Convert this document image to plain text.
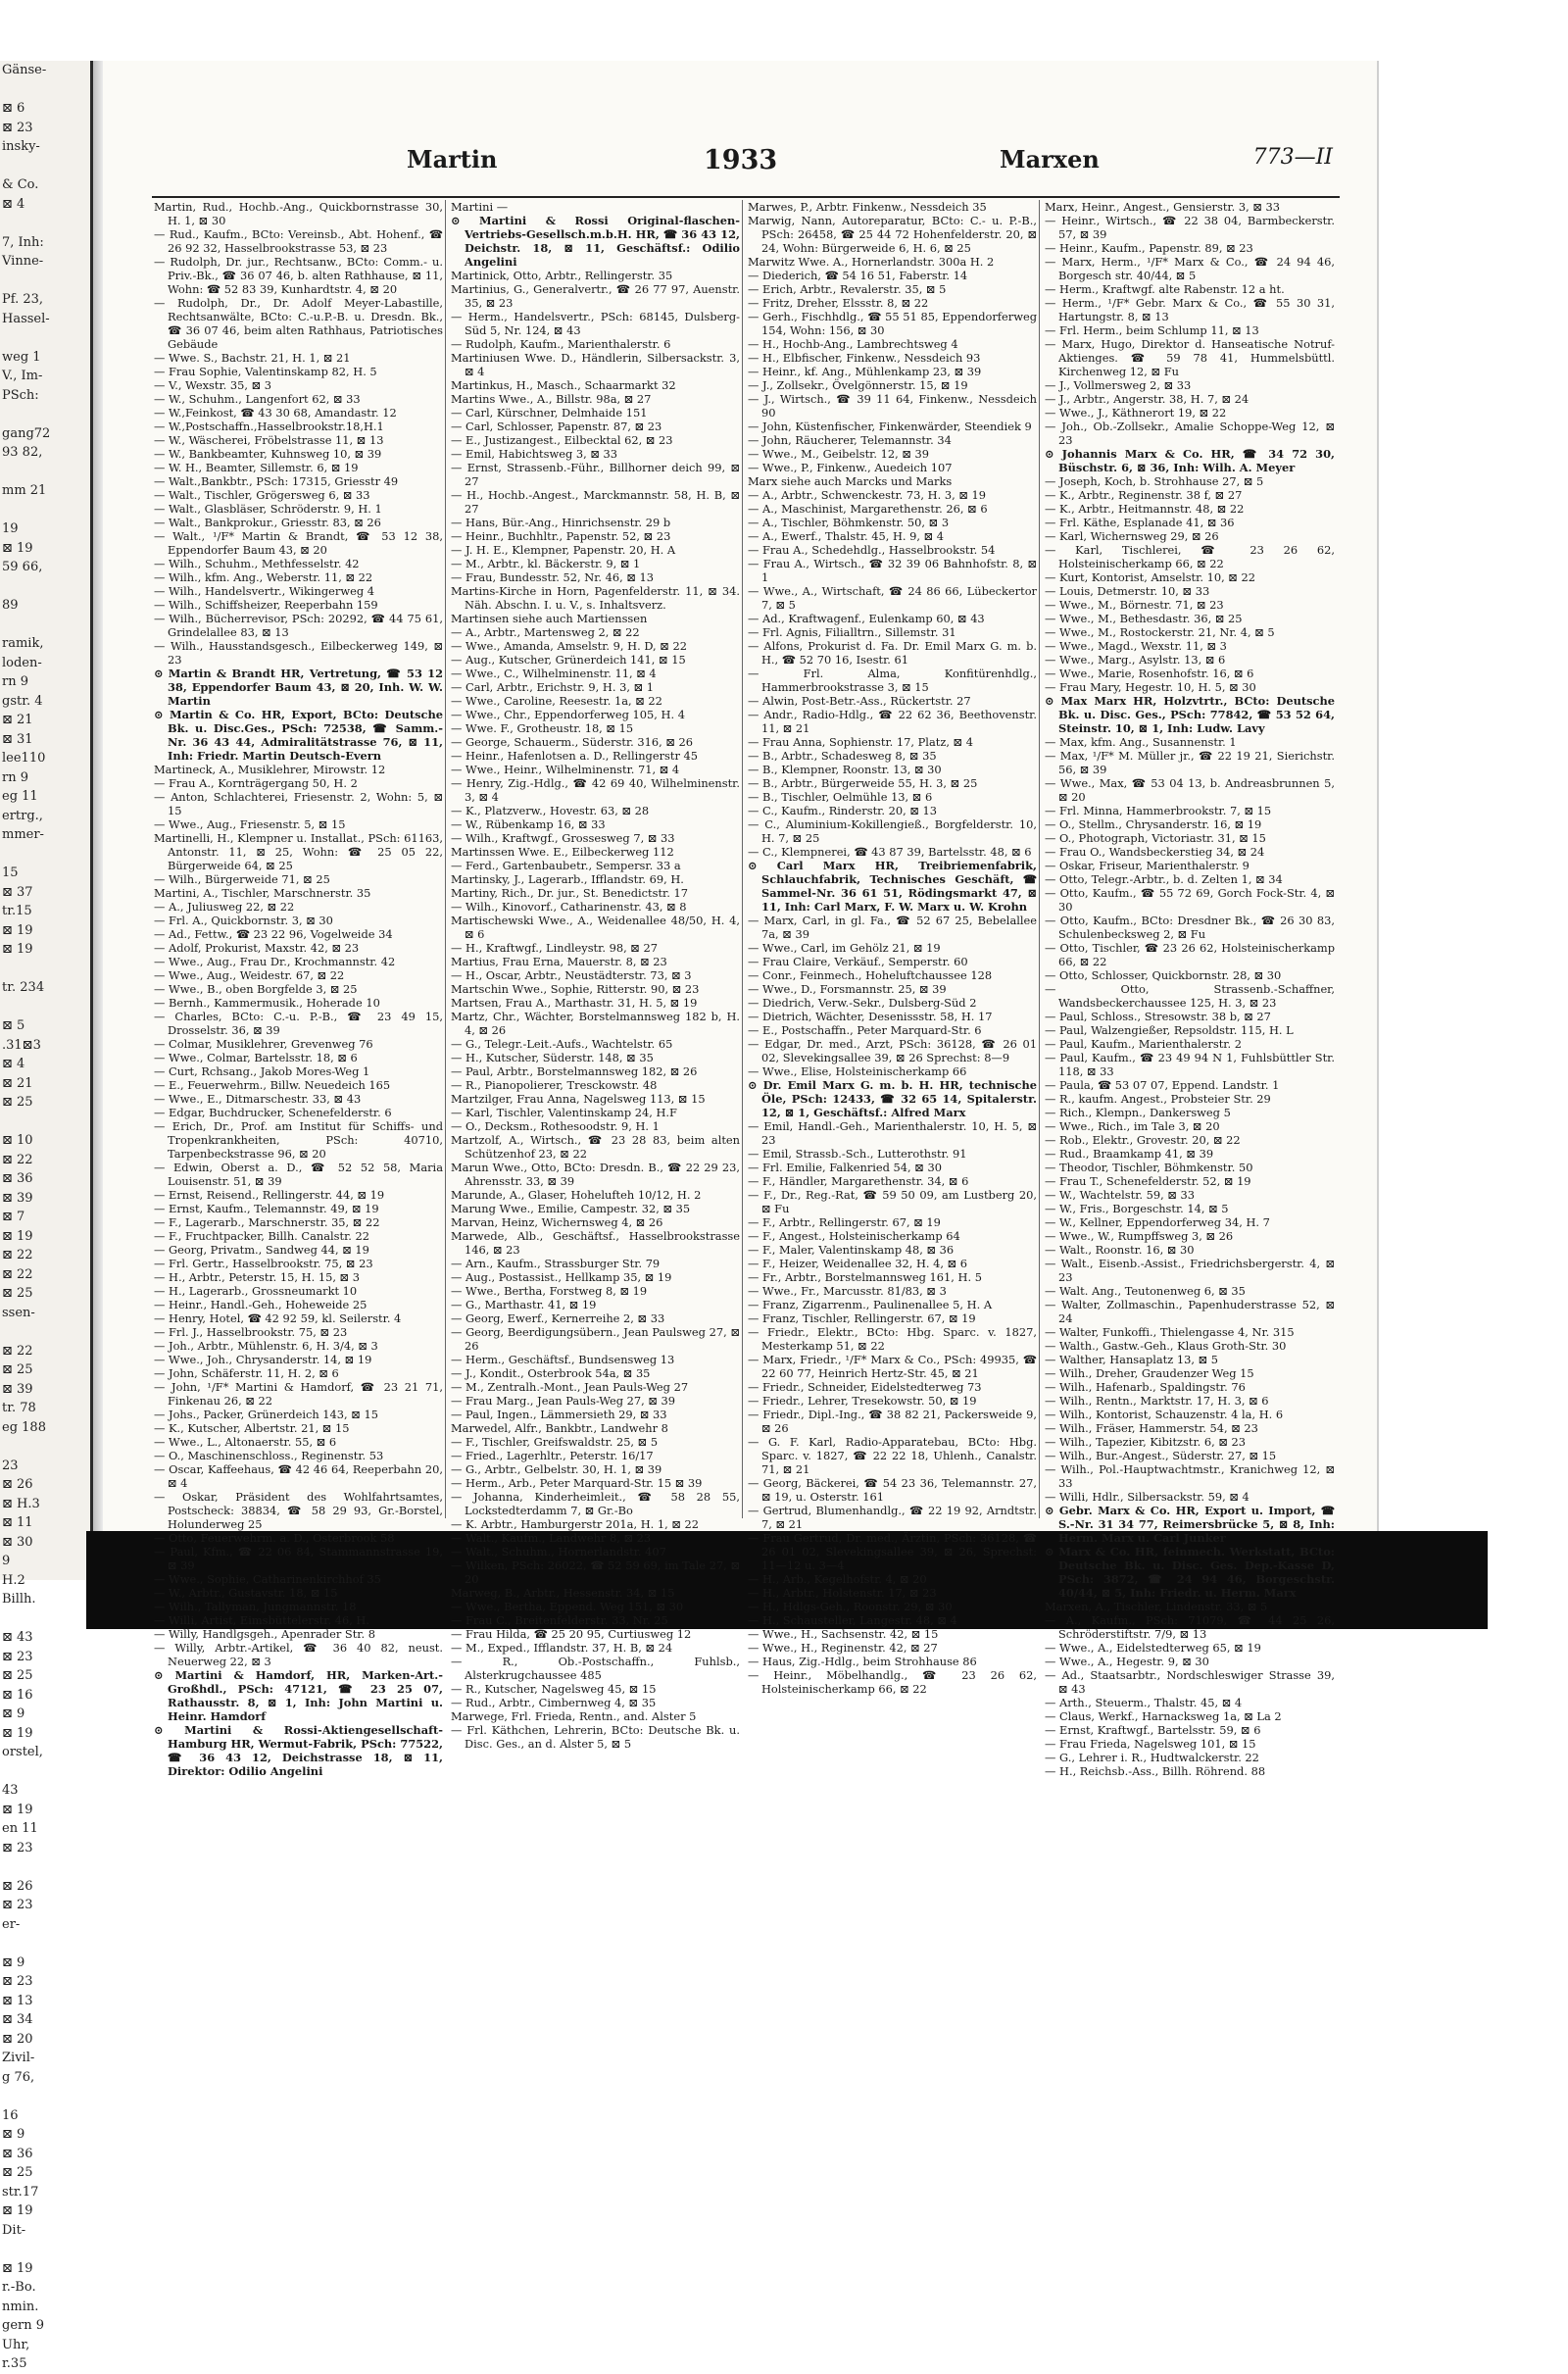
Gänse-

⊠ 6
⊠ 23
insky-

& Co.
⊠ 4

7, Inh:
Vinne-

Pf. 23,
Hassel-

weg 1
V., Im-
PSch:

gang72
93 82,

mm 21

19
⊠ 19
59 66,

89

ramik,
loden-
rn 9
gstr. 4
⊠ 21
⊠ 31
lee110
rn 9
eg 11
ertrg.,
mmer-

15
⊠ 37
tr.15
⊠ 19
⊠ 19

tr. 234

⊠ 5
.31⊠3
⊠ 4
⊠ 21
⊠ 25

⊠ 10
⊠ 22
⊠ 36
⊠ 39
⊠ 7
⊠ 19
⊠ 22
⊠ 22
⊠ 25
ssen-

⊠ 22
⊠ 25
⊠ 39
tr. 78
eg 188

23
⊠ 26
⊠ H.3
⊠ 11
⊠ 30
9
H.2
Billh.

⊠ 43
⊠ 23
⊠ 25
⊠ 16
⊠ 9
⊠ 19
orstel,

43
⊠ 19
en 11
⊠ 23

⊠ 26
⊠ 23
er-

⊠ 9
⊠ 23
⊠ 13
⊠ 34
⊠ 20
Zivil-
g 76,

16
⊠ 9
⊠ 36
⊠ 25
str.17
⊠ 19
Dit-

⊠ 19
r.-Bo.
nmin.
gern 9
Uhr,
r.35
Martin	1933	Marxen	773—II
Martin, Rud., Hochb.-Ang., Quickbornstrasse 30, H. 1, ⊠ 30
— Rud., Kaufm., BCto: Vereinsb., Abt. Hohenf., ☎ 26 92 32, Hasselbrookstrasse 53, ⊠ 23
— Rudolph, Dr. jur., Rechtsanw., BCto: Comm.- u. Priv.-Bk., ☎ 36 07 46, b. alten Rathhause, ⊠ 11, Wohn: ☎ 52 83 39, Kunhardtstr. 4, ⊠ 20
— Rudolph, Dr., Dr. Adolf Meyer-Labastille, Rechtsanwälte, BCto: C.-u.P.-B. u. Dresdn. Bk., ☎ 36 07 46, beim alten Rathhaus, Patriotisches Gebäude
— Wwe. S., Bachstr. 21, H. 1, ⊠ 21
— Frau Sophie, Valentinskamp 82, H. 5
— V., Wexstr. 35, ⊠ 3
— W., Schuhm., Langenfort 62, ⊠ 33
— W.,Feinkost, ☎ 43 30 68, Amandastr. 12
— W.,Postschaffn.,Hasselbrookstr.18,H.1
— W., Wäscherei, Fröbelstrasse 11, ⊠ 13
— W., Bankbeamter, Kuhnsweg 10, ⊠ 39
— W. H., Beamter, Sillemstr. 6, ⊠ 19
— Walt.,Bankbtr., PSch: 17315, Griesstr 49
— Walt., Tischler, Grögersweg 6, ⊠ 33
— Walt., Glasbläser, Schröderstr. 9, H. 1
— Walt., Bankprokur., Griesstr. 83, ⊠ 26
— Walt., ¹/F* Martin & Brandt, ☎ 53 12 38, Eppendorfer Baum 43, ⊠ 20
— Wilh., Schuhm., Methfesselstr. 42
— Wilh., kfm. Ang., Weberstr. 11, ⊠ 22
— Wilh., Handelsvertr., Wikingerweg 4
— Wilh., Schiffsheizer, Reeperbahn 159
— Wilh., Bücherrevisor, PSch: 20292, ☎ 44 75 61, Grindelallee 83, ⊠ 13
— Wilh., Hausstandsgesch., Eilbeckerweg 149, ⊠ 23
⊙ Martin & Brandt HR, Vertretung, ☎ 53 12 38, Eppendorfer Baum 43, ⊠ 20, Inh. W. W. Martin
⊙ Martin & Co. HR, Export, BCto: Deutsche Bk. u. Disc.Ges., PSch: 72538, ☎ Samm.-Nr. 36 43 44, Admiralitätstrasse 76, ⊠ 11, Inh: Friedr. Martin Deutsch-Evern
Martineck, A., Musiklehrer, Mirowstr. 12
— Frau A., Kornträgergang 50, H. 2
— Anton, Schlachterei, Friesenstr. 2, Wohn: 5, ⊠ 15
— Wwe., Aug., Friesenstr. 5, ⊠ 15
Martinelli, H., Klempner u. Installat., PSch: 61163, Antonstr. 11, ⊠ 25, Wohn: ☎ 25 05 22, Bürgerweide 64, ⊠ 25
— Wilh., Bürgerweide 71, ⊠ 25
Martini, A., Tischler, Marschnerstr. 35
— A., Juliusweg 22, ⊠ 22
— Frl. A., Quickbornstr. 3, ⊠ 30
— Ad., Fettw., ☎ 23 22 96, Vogelweide 34
— Adolf, Prokurist, Maxstr. 42, ⊠ 23
— Wwe., Aug., Frau Dr., Krochmannstr. 42
— Wwe., Aug., Weidestr. 67, ⊠ 22
— Wwe., B., oben Borgfelde 3, ⊠ 25
— Bernh., Kammermusik., Hoherade 10
— Charles, BCto: C.-u. P.-B., ☎ 23 49 15, Drosselstr. 36, ⊠ 39
— Colmar, Musiklehrer, Grevenweg 76
— Wwe., Colmar, Bartelsstr. 18, ⊠ 6
— Curt, Rchsang., Jakob Mores-Weg 1
— E., Feuerwehrm., Billw. Neuedeich 165
— Wwe., E., Ditmarschestr. 33, ⊠ 43
— Edgar, Buchdrucker, Schenefelderstr. 6
— Erich, Dr., Prof. am Institut für Schiffs- und Tropenkrankheiten, PSch: 40710, Tarpenbeckstrasse 96, ⊠ 20
— Edwin, Oberst a. D., ☎ 52 52 58, Maria Louisenstr. 51, ⊠ 39
— Ernst, Reisend., Rellingerstr. 44, ⊠ 19
— Ernst, Kaufm., Telemannstr. 49, ⊠ 19
— F., Lagerarb., Marschnerstr. 35, ⊠ 22
— F., Fruchtpacker, Billh. Canalstr. 22
— Georg, Privatm., Sandweg 44, ⊠ 19
— Frl. Gertr., Hasselbrookstr. 75, ⊠ 23
— H., Arbtr., Peterstr. 15, H. 15, ⊠ 3
— H., Lagerarb., Grossneumarkt 10
— Heinr., Handl.-Geh., Hoheweide 25
— Henry, Hotel, ☎ 42 92 59, kl. Seilerstr. 4
— Frl. J., Hasselbrookstr. 75, ⊠ 23
— Joh., Arbtr., Mühlenstr. 6, H. 3/4, ⊠ 3
— Wwe., Joh., Chrysanderstr. 14, ⊠ 19
— John, Schäferstr. 11, H. 2, ⊠ 6
— John, ¹/F* Martini & Hamdorf, ☎ 23 21 71, Finkenau 26, ⊠ 22
— Johs., Packer, Grünerdeich 143, ⊠ 15
— K., Kutscher, Albertstr. 21, ⊠ 15
— Wwe., L., Altonaerstr. 55, ⊠ 6
— O., Maschinenschloss., Reginenstr. 53
— Oscar, Kaffeehaus, ☎ 42 46 64, Reeperbahn 20, ⊠ 4
— Oskar, Präsident des Wohlfahrtsamtes, Postscheck: 38834, ☎ 58 29 93, Gr.-Borstel, Holunderweg 25
— Otto, Feuerwehrm. a. D., Osterbrook 58
— Paul, Kfm., ☎ 22 06 84, Stammannstrasse 19, ⊠ 39
— Wwe., Sophie, Catharinenkirchhof 35
— W., Arbtr., Gustavstr. 18, ⊠ 15
— Wilh., Tallyman, Jungmannstr. 18
— Willi, Artist, Eimsbüttelerstr. 46, H.
— Willy, Handlgsgeh., Apenrader Str. 8
— Willy, Arbtr.-Artikel, ☎ 36 40 82, neust. Neuerweg 22, ⊠ 3
⊙ Martini & Hamdorf, HR, Marken-Art.-Großhdl., PSch: 47121, ☎ 23 25 07, Rathausstr. 8, ⊠ 1, Inh: John Martini u. Heinr. Hamdorf
⊙ Martini & Rossi-Aktiengesellschaft-Hamburg HR, Wermut-Fabrik, PSch: 77522, ☎ 36 43 12, Deichstrasse 18, ⊠ 11, Direktor: Odilio Angelini
Martini —
⊙ Martini & Rossi Original-flaschen-Vertriebs-Gesellsch.m.b.H. HR, ☎ 36 43 12, Deichstr. 18, ⊠ 11, Geschäftsf.: Odilio Angelini
Martinick, Otto, Arbtr., Rellingerstr. 35
Martinius, G., Generalvertr., ☎ 26 77 97, Auenstr. 35, ⊠ 23
— Herm., Handelsvertr., PSch: 68145, Dulsberg-Süd 5, Nr. 124, ⊠ 43
— Rudolph, Kaufm., Marienthalerstr. 6
Martiniusen Wwe. D., Händlerin, Silbersackstr. 3, ⊠ 4
Martinkus, H., Masch., Schaarmarkt 32
Martins Wwe., A., Billstr. 98a, ⊠ 27
— Carl, Kürschner, Delmhaide 151
— Carl, Schlosser, Papenstr. 87, ⊠ 23
— E., Justizangest., Eilbecktal 62, ⊠ 23
— Emil, Habichtsweg 3, ⊠ 33
— Ernst, Strassenb.-Führ., Billhorner deich 99, ⊠ 27
— H., Hochb.-Angest., Marckmannstr. 58, H. B, ⊠ 27
— Hans, Bür.-Ang., Hinrichsenstr. 29 b
— Heinr., Buchhltr., Papenstr. 52, ⊠ 23
— J. H. E., Klempner, Papenstr. 20, H. A
— M., Arbtr., kl. Bäckerstr. 9, ⊠ 1
— Frau, Bundesstr. 52, Nr. 46, ⊠ 13
Martins-Kirche in Horn, Pagenfelderstr. 11, ⊠ 34. Näh. Abschn. I. u. V., s. Inhaltsverz.
Martinsen siehe auch Martienssen
— A., Arbtr., Martensweg 2, ⊠ 22
— Wwe., Amanda, Amselstr. 9, H. D, ⊠ 22
— Aug., Kutscher, Grünerdeich 141, ⊠ 15
— Wwe., C., Wilhelminenstr. 11, ⊠ 4
— Carl, Arbtr., Erichstr. 9, H. 3, ⊠ 1
— Wwe., Caroline, Reesestr. 1a, ⊠ 22
— Wwe., Chr., Eppendorferweg 105, H. 4
— Wwe. F., Grotheustr. 18, ⊠ 15
— George, Schauerm., Süderstr. 316, ⊠ 26
— Heinr., Hafenlotsen a. D., Rellingerstr 45
— Wwe., Heinr., Wilhelminenstr. 71, ⊠ 4
— Henry, Zig.-Hdlg., ☎ 42 69 40, Wilhelminenstr. 3, ⊠ 4
— K., Platzverw., Hovestr. 63, ⊠ 28
— W., Rübenkamp 16, ⊠ 33
— Wilh., Kraftwgf., Grossesweg 7, ⊠ 33
Martinssen Wwe. E., Eilbeckerweg 112
— Ferd., Gartenbaubetr., Sempersr. 33 a
Martinsky, J., Lagerarb., Ifflandstr. 69, H.
Martiny, Rich., Dr. jur., St. Benedictstr. 17
— Wilh., Kinovorf., Catharinenstr. 43, ⊠ 8
Martischewski Wwe., A., Weidenallee 48/50, H. 4, ⊠ 6
— H., Kraftwgf., Lindleystr. 98, ⊠ 27
Martius, Frau Erna, Mauerstr. 8, ⊠ 23
— H., Oscar, Arbtr., Neustädterstr. 73, ⊠ 3
Martschin Wwe., Sophie, Ritterstr. 90, ⊠ 23
Martsen, Frau A., Marthastr. 31, H. 5, ⊠ 19
Martz, Chr., Wächter, Borstelmannsweg 182 b, H. 4, ⊠ 26
— G., Telegr.-Leit.-Aufs., Wachtelstr. 65
— H., Kutscher, Süderstr. 148, ⊠ 35
— Paul, Arbtr., Borstelmannsweg 182, ⊠ 26
— R., Pianopolierer, Tresckowstr. 48
Martzilger, Frau Anna, Nagelsweg 113, ⊠ 15
— Karl, Tischler, Valentinskamp 24, H.F
— O., Decksm., Rothesoodstr. 9, H. 1
Martzolf, A., Wirtsch., ☎ 23 28 83, beim alten Schützenhof 23, ⊠ 22
Marun Wwe., Otto, BCto: Dresdn. B., ☎ 22 29 23, Ahrensstr. 33, ⊠ 39
Marunde, A., Glaser, Hohelufteh 10/12, H. 2
Marung Wwe., Emilie, Campestr. 32, ⊠ 35
Marvan, Heinz, Wichernsweg 4, ⊠ 26
Marwede, Alb., Geschäftsf., Hasselbrookstrasse 146, ⊠ 23
— Arn., Kaufm., Strassburger Str. 79
— Aug., Postassist., Hellkamp 35, ⊠ 19
— Wwe., Bertha, Forstweg 8, ⊠ 19
— G., Marthastr. 41, ⊠ 19
— Georg, Ewerf., Kernerreihe 2, ⊠ 33
— Georg, Beerdigungsübern., Jean Paulsweg 27, ⊠ 26
— Herm., Geschäftsf., Bundsensweg 13
— J., Kondit., Osterbrook 54a, ⊠ 35
— M., Zentralh.-Mont., Jean Pauls-Weg 27
— Frau Marg., Jean Pauls-Weg 27, ⊠ 39
— Paul, Ingen., Lämmersieth 29, ⊠ 33
Marwedel, Alfr., Bankbtr., Landwehr 8
— F., Tischler, Greifswaldstr. 25, ⊠ 5
— Fried., Lagerhltr., Peterstr. 16/17
— G., Arbtr., Gelbelstr. 30, H. 1, ⊠ 39
— Herm., Arb., Peter Marquard-Str. 15 ⊠ 39
— Johanna, Kinderheimleit., ☎ 58 28 55, Lockstedterdamm 7, ⊠ Gr.-Bo
— K. Arbtr., Hamburgerstr 201a, H. 1, ⊠ 22
— Walt., Kaufm., Landwehr 8, ⊠ 23
— Walt., Schuhm., Hornerlandstr. 407
— Wilken, PSch: 26022, ☎ 52 59 69, im Tale 27, ⊠ 20
Marweg, B., Arbtr., Hessenstr. 34, ⊠ 15
— Wwe., Bertha, Eppend. Weg 151, ⊠ 30
— Frau C., Breitenfelderstr. 33, Nr. 25
— Frau Hilda, ☎ 25 20 95, Curtiusweg 12
— M., Exped., Ifflandstr. 37, H. B, ⊠ 24
— R., Ob.-Postschaffn., Fuhlsb., Alsterkrugchaussee 485
— R., Kutscher, Nagelsweg 45, ⊠ 15
— Rud., Arbtr., Cimbernweg 4, ⊠ 35
Marwege, Frl. Frieda, Rentn., and. Alster 5
— Frl. Käthchen, Lehrerin, BCto: Deutsche Bk. u. Disc. Ges., an d. Alster 5, ⊠ 5
Marwes, P., Arbtr. Finkenw., Nessdeich 35
Marwig, Nann, Autoreparatur, BCto: C.- u. P.-B., PSch: 26458, ☎ 25 44 72 Hohenfelderstr. 20, ⊠ 24, Wohn: Bürgerweide 6, H. 6, ⊠ 25
Marwitz Wwe. A., Hornerlandstr. 300a H. 2
— Diederich, ☎ 54 16 51, Faberstr. 14
— Erich, Arbtr., Revalerstr. 35, ⊠ 5
— Fritz, Dreher, Elssstr. 8, ⊠ 22
— Gerh., Fischhdlg., ☎ 55 51 85, Eppendorferweg 154, Wohn: 156, ⊠ 30
— H., Hochb-Ang., Lambrechtsweg 4
— H., Elbfischer, Finkenw., Nessdeich 93
— Heinr., kf. Ang., Mühlenkamp 23, ⊠ 39
— J., Zollsekr., Övelgönnerstr. 15, ⊠ 19
— J., Wirtsch., ☎ 39 11 64, Finkenw., Nessdeich 90
— John, Küstenfischer, Finkenwärder, Steendiek 9
— John, Räucherer, Telemannstr. 34
— Wwe., M., Geibelstr. 12, ⊠ 39
— Wwe., P., Finkenw., Auedeich 107
Marx siehe auch Marcks und Marks
— A., Arbtr., Schwenckestr. 73, H. 3, ⊠ 19
— A., Maschinist, Margarethenstr. 26, ⊠ 6
— A., Tischler, Böhmkenstr. 50, ⊠ 3
— A., Ewerf., Thalstr. 45, H. 9, ⊠ 4
— Frau A., Schedehdlg., Hasselbrookstr. 54
— Frau A., Wirtsch., ☎ 32 39 06 Bahnhofstr. 8, ⊠ 1
— Wwe., A., Wirtschaft, ☎ 24 86 66, Lübeckertor 7, ⊠ 5
— Ad., Kraftwagenf., Eulenkamp 60, ⊠ 43
— Frl. Agnis, Filialltrn., Sillemstr. 31
— Alfons, Prokurist d. Fa. Dr. Emil Marx G. m. b. H., ☎ 52 70 16, Isestr. 61
— Frl. Alma, Konfitürenhdlg., Hammerbrookstrasse 3, ⊠ 15
— Alwin, Post-Betr.-Ass., Rückertstr. 27
— Andr., Radio-Hdlg., ☎ 22 62 36, Beethovenstr. 11, ⊠ 21
— Frau Anna, Sophienstr. 17, Platz, ⊠ 4
— B., Arbtr., Schadesweg 8, ⊠ 35
— B., Klempner, Roonstr. 13, ⊠ 30
— B., Arbtr., Bürgerweide 55, H. 3, ⊠ 25
— B., Tischler, Oelmühle 13, ⊠ 6
— C., Kaufm., Rinderstr. 20, ⊠ 13
— C., Aluminium-Kokillengieß., Borgfelderstr. 10, H. 7, ⊠ 25
— C., Klempnerei, ☎ 43 87 39, Bartelsstr. 48, ⊠ 6
⊙ Carl Marx HR, Treibriemenfabrik, Schlauchfabrik, Technisches Geschäft, ☎ Sammel-Nr. 36 61 51, Rödingsmarkt 47, ⊠ 11, Inh: Carl Marx, F. W. Marx u. W. Krohn
— Marx, Carl, in gl. Fa., ☎ 52 67 25, Bebelallee 7a, ⊠ 39
— Wwe., Carl, im Gehölz 21, ⊠ 19
— Frau Claire, Verkäuf., Semperstr. 60
— Conr., Feinmech., Hoheluftchaussee 128
— Wwe., D., Forsmannstr. 25, ⊠ 39
— Diedrich, Verw.-Sekr., Dulsberg-Süd 2
— Dietrich, Wächter, Desenissstr. 58, H. 17
— E., Postschaffn., Peter Marquard-Str. 6
— Edgar, Dr. med., Arzt, PSch: 36128, ☎ 26 01 02, Slevekingsallee 39, ⊠ 26 Sprechst: 8—9
— Wwe., Elise, Holsteinischerkamp 66
⊙ Dr. Emil Marx G. m. b. H. HR, technische Öle, PSch: 12433, ☎ 32 65 14, Spitalerstr. 12, ⊠ 1, Geschäftsf.: Alfred Marx
— Emil, Handl.-Geh., Marienthalerstr. 10, H. 5, ⊠ 23
— Emil, Strassb.-Sch., Lutterothstr. 91
— Frl. Emilie, Falkenried 54, ⊠ 30
— F., Händler, Margarethenstr. 34, ⊠ 6
— F., Dr., Reg.-Rat, ☎ 59 50 09, am Lustberg 20, ⊠ Fu
— F., Arbtr., Rellingerstr. 67, ⊠ 19
— F., Angest., Holsteinischerkamp 64
— F., Maler, Valentinskamp 48, ⊠ 36
— F., Heizer, Weidenallee 32, H. 4, ⊠ 6
— Fr., Arbtr., Borstelmannsweg 161, H. 5
— Wwe., Fr., Marcusstr. 81/83, ⊠ 3
— Franz, Zigarrenm., Paulinenallee 5, H. A
— Franz, Tischler, Rellingerstr. 67, ⊠ 19
— Friedr., Elektr., BCto: Hbg. Sparc. v. 1827, Mesterkamp 51, ⊠ 22
— Marx, Friedr., ¹/F* Marx & Co., PSch: 49935, ☎ 22 60 77, Heinrich Hertz-Str. 45, ⊠ 21
— Friedr., Schneider, Eidelstedterweg 73
— Friedr., Lehrer, Tresekowstr. 50, ⊠ 19
— Friedr., Dipl.-Ing., ☎ 38 82 21, Packersweide 9, ⊠ 26
— G. F. Karl, Radio-Apparatebau, BCto: Hbg. Sparc. v. 1827, ☎ 22 22 18, Uhlenh., Canalstr. 71, ⊠ 21
— Georg, Bäckerei, ☎ 54 23 36, Telemannstr. 27, ⊠ 19, u. Osterstr. 161
— Gertrud, Blumenhandlg., ☎ 22 19 92, Arndtstr. 7, ⊠ 21
— Frau Gertrud, Dr. med., Ärztin, PSch: 36128, ☎ 26 01 02, Slevekingsallee 39, ⊠ 26, Sprechst: 11—12 u. 3—4
— H., Arb., Kegelhofstr. 4, ⊠ 20
— H., Arbtr., Holstenstr. 17, ⊠ 23
— H., Hdlgs-Geh., Roonstr. 29, ⊠ 30
— H., Schausteller, Langestr. 48, ⊠ 4
— Wwe., H., Sachsenstr. 42, ⊠ 15
— Wwe., H., Reginenstr. 42, ⊠ 27
— Haus, Zig.-Hdlg., beim Strohhause 86
— Heinr., Möbelhandlg., ☎ 23 26 62, Holsteinischerkamp 66, ⊠ 22
Marx, Heinr., Angest., Gensierstr. 3, ⊠ 33
— Heinr., Wirtsch., ☎ 22 38 04, Barmbeckerstr. 57, ⊠ 39
— Heinr., Kaufm., Papenstr. 89, ⊠ 23
— Marx, Herm., ¹/F* Marx & Co., ☎ 24 94 46, Borgesch str. 40/44, ⊠ 5
— Herm., Kraftwgf. alte Rabenstr. 12 a ht.
— Herm., ¹/F* Gebr. Marx & Co., ☎ 55 30 31, Hartungstr. 8, ⊠ 13
— Frl. Herm., beim Schlump 11, ⊠ 13
— Marx, Hugo, Direktor d. Hanseatische Notruf-Aktienges. ☎ 59 78 41, Hummelsbüttl. Kirchenweg 12, ⊠ Fu
— J., Vollmersweg 2, ⊠ 33
— J., Arbtr., Angerstr. 38, H. 7, ⊠ 24
— Wwe., J., Käthnerort 19, ⊠ 22
— Joh., Ob.-Zollsekr., Amalie Schoppe-Weg 12, ⊠ 23
⊙ Johannis Marx & Co. HR, ☎ 34 72 30, Büschstr. 6, ⊠ 36, Inh: Wilh. A. Meyer
— Joseph, Koch, b. Strohhause 27, ⊠ 5
— K., Arbtr., Reginenstr. 38 f, ⊠ 27
— K., Arbtr., Heitmannstr. 48, ⊠ 22
— Frl. Käthe, Esplanade 41, ⊠ 36
— Karl, Wichernsweg 29, ⊠ 26
— Karl, Tischlerei, ☎ 23 26 62, Holsteinischerkamp 66, ⊠ 22
— Kurt, Kontorist, Amselstr. 10, ⊠ 22
— Louis, Detmerstr. 10, ⊠ 33
— Wwe., M., Börnestr. 71, ⊠ 23
— Wwe., M., Bethesdastr. 36, ⊠ 25
— Wwe., M., Rostockerstr. 21, Nr. 4, ⊠ 5
— Wwe., Magd., Wexstr. 11, ⊠ 3
— Wwe., Marg., Asylstr. 13, ⊠ 6
— Wwe., Marie, Rosenhofstr. 16, ⊠ 6
— Frau Mary, Hegestr. 10, H. 5, ⊠ 30
⊙ Max Marx HR, Holzvtrtr., BCto: Deutsche Bk. u. Disc. Ges., PSch: 77842, ☎ 53 52 64, Steinstr. 10, ⊠ 1, Inh: Ludw. Lavy
— Max, kfm. Ang., Susannenstr. 1
— Max, ¹/F* M. Müller jr., ☎ 22 19 21, Sierichstr. 56, ⊠ 39
— Wwe., Max, ☎ 53 04 13, b. Andreasbrunnen 5, ⊠ 20
— Frl. Minna, Hammerbrookstr. 7, ⊠ 15
— O., Stellm., Chrysanderstr. 16, ⊠ 19
— O., Photograph, Victoriastr. 31, ⊠ 15
— Frau O., Wandsbeckerstieg 34, ⊠ 24
— Oskar, Friseur, Marienthalerstr. 9
— Otto, Telegr.-Arbtr., b. d. Zelten 1, ⊠ 34
— Otto, Kaufm., ☎ 55 72 69, Gorch Fock-Str. 4, ⊠ 30
— Otto, Kaufm., BCto: Dresdner Bk., ☎ 26 30 83, Schulenbecksweg 2, ⊠ Fu
— Otto, Tischler, ☎ 23 26 62, Holsteinischerkamp 66, ⊠ 22
— Otto, Schlosser, Quickbornstr. 28, ⊠ 30
— Otto, Strassenb.-Schaffner, Wandsbeckerchaussee 125, H. 3, ⊠ 23
— Paul, Schloss., Stresowstr. 38 b, ⊠ 27
— Paul, Walzengießer, Repsoldstr. 115, H. L
— Paul, Kaufm., Marienthalerstr. 2
— Paul, Kaufm., ☎ 23 49 94 N 1, Fuhlsbüttler Str. 118, ⊠ 33
— Paula, ☎ 53 07 07, Eppend. Landstr. 1
— R., kaufm. Angest., Probsteier Str. 29
— Rich., Klempn., Dankersweg 5
— Wwe., Rich., im Tale 3, ⊠ 20
— Rob., Elektr., Grovestr. 20, ⊠ 22
— Rud., Braamkamp 41, ⊠ 39
— Theodor, Tischler, Böhmkenstr. 50
— Frau T., Schenefelderstr. 52, ⊠ 19
— W., Wachtelstr. 59, ⊠ 33
— W., Fris., Borgeschstr. 14, ⊠ 5
— W., Kellner, Eppendorferweg 34, H. 7
— Wwe., W., Rumpffsweg 3, ⊠ 26
— Walt., Roonstr. 16, ⊠ 30
— Walt., Eisenb.-Assist., Friedrichsbergerstr. 4, ⊠ 23
— Walt. Ang., Teutonenweg 6, ⊠ 35
— Walter, Zollmaschin., Papenhuderstrasse 52, ⊠ 24
— Walter, Funkoffi., Thielengasse 4, Nr. 315
— Walth., Gastw.-Geh., Klaus Groth-Str. 30
— Walther, Hansaplatz 13, ⊠ 5
— Wilh., Dreher, Graudenzer Weg 15
— Wilh., Hafenarb., Spaldingstr. 76
— Wilh., Rentn., Marktstr. 17, H. 3, ⊠ 6
— Wilh., Kontorist, Schauzenstr. 4 la, H. 6
— Wilh., Fräser, Hammerstr. 54, ⊠ 23
— Wilh., Tapezier, Kibitzstr. 6, ⊠ 23
— Wilh., Bur.-Angest., Süderstr. 27, ⊠ 15
— Wilh., Pol.-Hauptwachtmstr., Kranichweg 12, ⊠ 33
— Willi, Hdlr., Silbersackstr. 59, ⊠ 4
⊙ Gebr. Marx & Co. HR, Export u. Import, ☎ S.-Nr. 31 34 77, Reimersbrücke 5, ⊠ 8, Inh: Herm. Marx u. Carl Junker
⊙ Marx & Co. HR, feinmech. Werkstatt, BCto: Deutsche Bk. u. Disc. Ges. Dep.-Kasse D, PSch: 3872, ☎ 24 94 46, Borgeschstr. 40/44, ⊠ 5, Inh: Friedr. u. Herm. Marx
Marxen, A., Tischler, Lindenstr. 33, ⊠ 5
— A., Kaufm., PSch: 71079, ☎ 44 25 26, Schröderstiftstr. 7/9, ⊠ 13
— Wwe., A., Eidelstedterweg 65, ⊠ 19
— Wwe., A., Hegestr. 9, ⊠ 30
— Ad., Staatsarbtr., Nordschleswiger Strasse 39, ⊠ 43
— Arth., Steuerm., Thalstr. 45, ⊠ 4
— Claus, Werkf., Harnacksweg 1a, ⊠ La 2
— Ernst, Kraftwgf., Bartelsstr. 59, ⊠ 6
— Frau Frieda, Nagelsweg 101, ⊠ 15
— G., Lehrer i. R., Hudtwalckerstr. 22
— H., Reichsb.-Ass., Billh. Röhrend. 88
